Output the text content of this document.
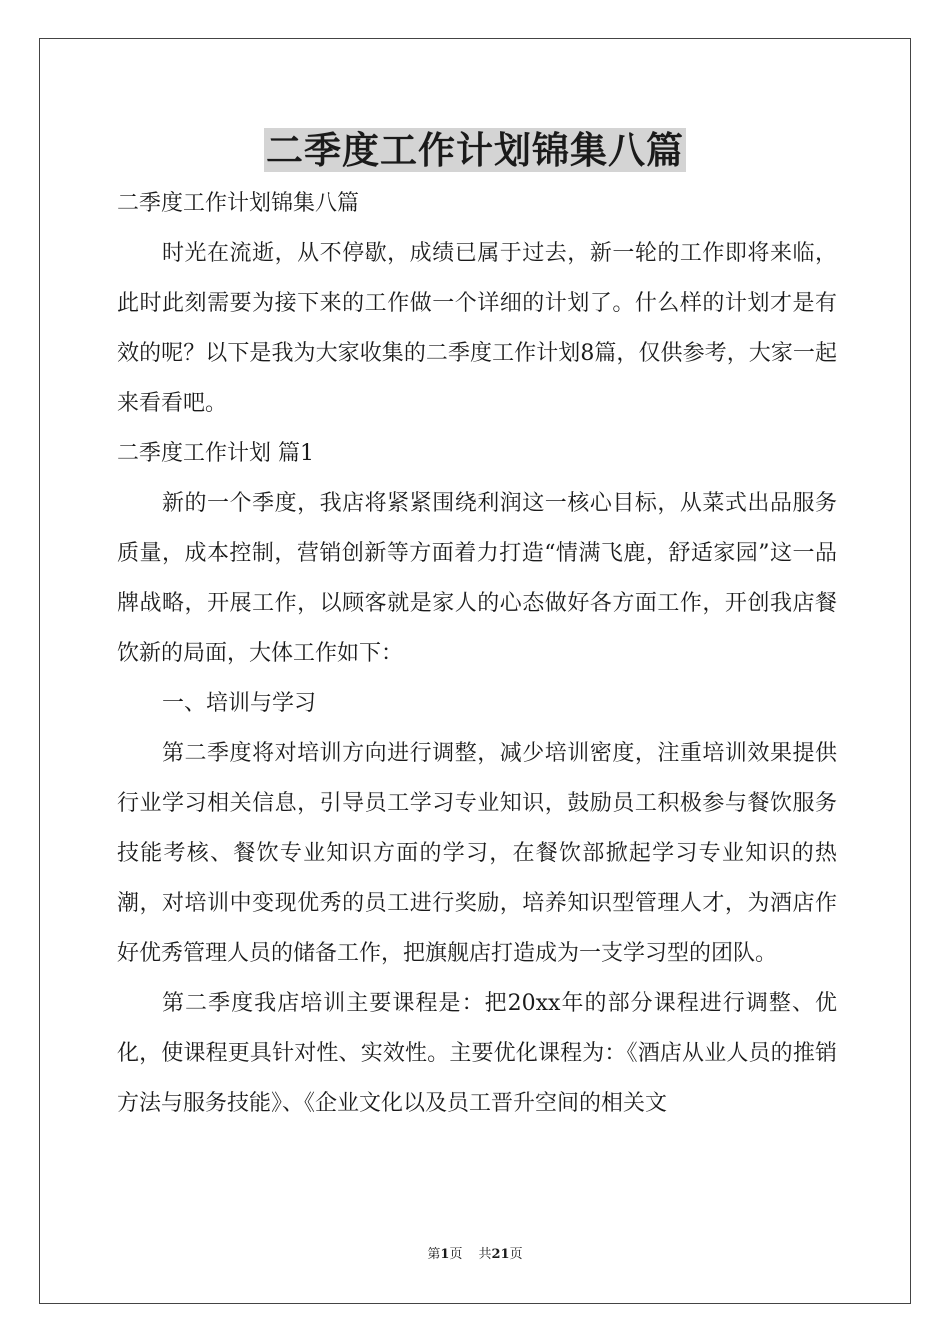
二季度工作计划锦集八篇

二季度工作计划锦集八篇

时光在流逝，从不停歇，成绩已属于过去，新一轮的工作即将来临，此时此刻需要为接下来的工作做一个详细的计划了。什么样的计划才是有效的呢？以下是我为大家收集的二季度工作计划8篇，仅供参考，大家一起来看看吧。

二季度工作计划 篇1

新的一个季度，我店将紧紧围绕利润这一核心目标，从菜式出品服务质量，成本控制，营销创新等方面着力打造“情满飞鹿，舒适家园”这一品牌战略，开展工作，以顾客就是家人的心态做好各方面工作，开创我店餐饮新的局面，大体工作如下：

一、培训与学习

第二季度将对培训方向进行调整，减少培训密度，注重培训效果提供行业学习相关信息，引导员工学习专业知识，鼓励员工积极参与餐饮服务技能考核、餐饮专业知识方面的学习，在餐饮部掀起学习专业知识的热潮，对培训中变现优秀的员工进行奖励，培养知识型管理人才，为酒店作好优秀管理人员的储备工作，把旗舰店打造成为一支学习型的团队。

第二季度我店培训主要课程是：把20xx年的部分课程进行调整、优化，使课程更具针对性、实效性。主要优化课程为：《酒店从业人员的推销方法与服务技能》、《企业文化以及员工晋升空间的相关文

第1页 共21页
